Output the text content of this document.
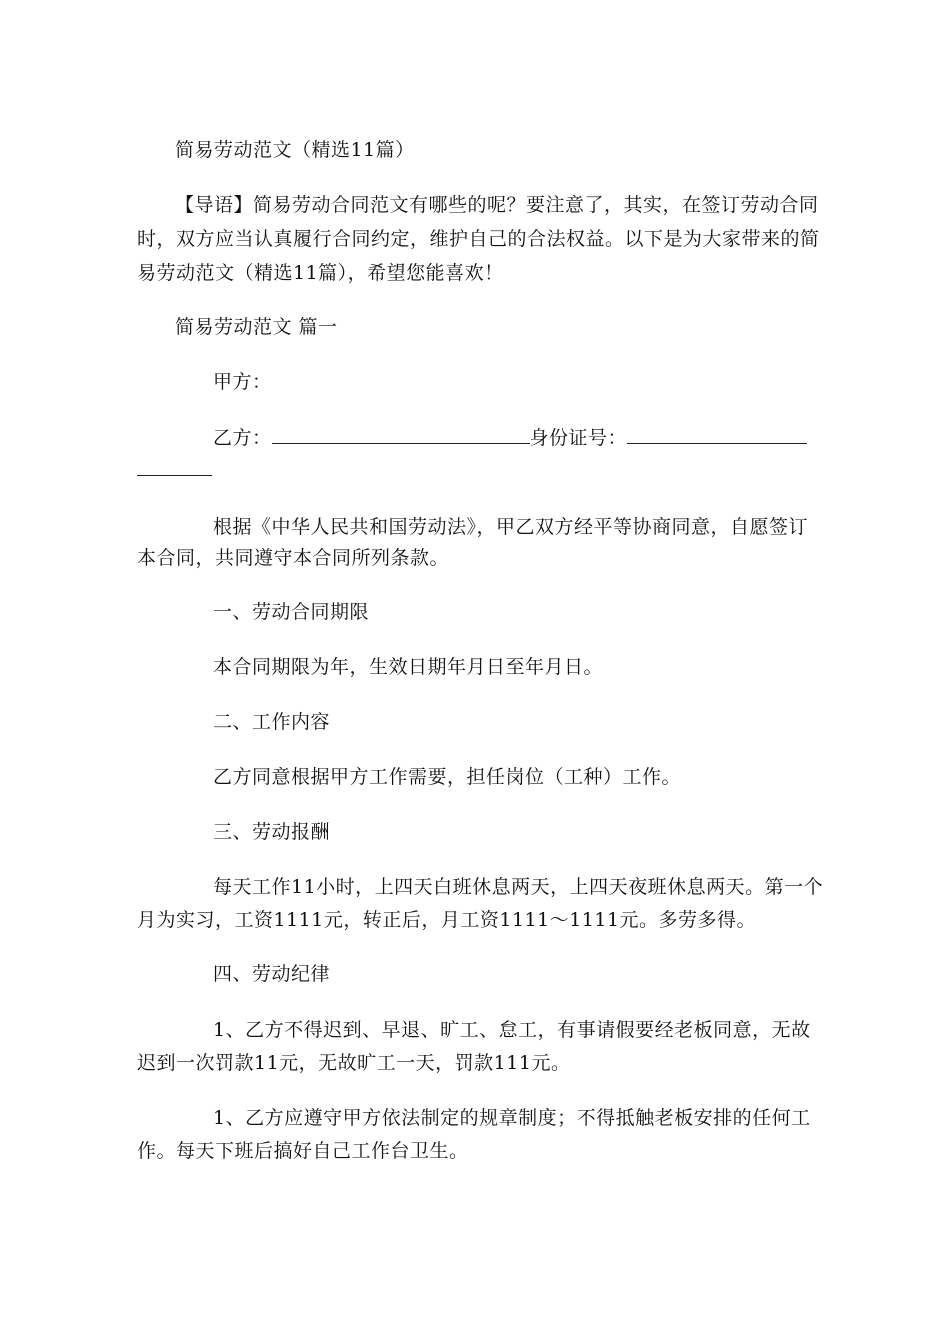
简易劳动范文（精选11篇）
【导语】简易劳动合同范文有哪些的呢？要注意了，其实，在签订劳动合同
时，双方应当认真履行合同约定，维护自己的合法权益。以下是为大家带来的简
易劳动范文（精选11篇），希望您能喜欢！
简易劳动范文 篇一
甲方：
乙方：	身份证号：
根据《中华人民共和国劳动法》，甲乙双方经平等协商同意，自愿签订
本合同，共同遵守本合同所列条款。
一、劳动合同期限
本合同期限为年，生效日期年月日至年月日。
二、工作内容
乙方同意根据甲方工作需要，担任岗位（工种）工作。
三、劳动报酬
每天工作11小时，上四天白班休息两天，上四天夜班休息两天。第一个
月为实习，工资1111元，转正后，月工资1111～1111元。多劳多得。
四、劳动纪律
1、乙方不得迟到、早退、旷工、怠工，有事请假要经老板同意，无故
迟到一次罚款11元，无故旷工一天，罚款111元。
1、乙方应遵守甲方依法制定的规章制度；不得抵触老板安排的任何工
作。每天下班后搞好自己工作台卫生。
